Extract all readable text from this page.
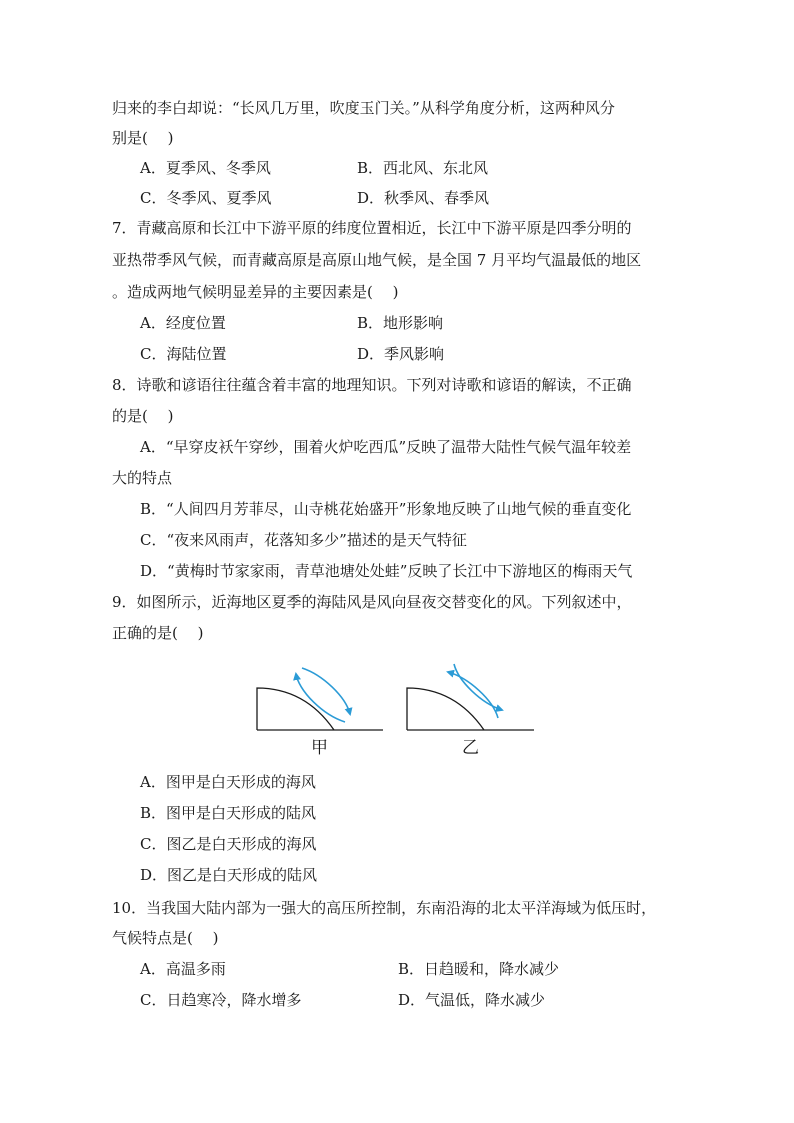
归来的李白却说：“长风几万里，吹度玉门关。”从科学角度分析，这两种风分
别是(　 )
A．夏季风、冬季风	B．西北风、东北风
C．冬季风、夏季风	D．秋季风、春季风
7．青藏高原和长江中下游平原的纬度位置相近，长江中下游平原是四季分明的
亚热带季风气候，而青藏高原是高原山地气候，是全国 7 月平均气温最低的地区
。造成两地气候明显差异的主要因素是(　 )
A．经度位置	B．地形影响
C．海陆位置	D．季风影响
8．诗歌和谚语往往蕴含着丰富的地理知识。下列对诗歌和谚语的解读，不正确
的是(　 )
A．“早穿皮袄午穿纱，围着火炉吃西瓜”反映了温带大陆性气候气温年较差
大的特点
B．“人间四月芳菲尽，山寺桃花始盛开”形象地反映了山地气候的垂直变化
C．“夜来风雨声，花落知多少”描述的是天气特征
D．“黄梅时节家家雨，青草池塘处处蛙”反映了长江中下游地区的梅雨天气
9．如图所示，近海地区夏季的海陆风是风向昼夜交替变化的风。下列叙述中，
正确的是(　 )
甲	乙
A．图甲是白天形成的海风
B．图甲是白天形成的陆风
C．图乙是白天形成的海风
D．图乙是白天形成的陆风
10．当我国大陆内部为一强大的高压所控制，东南沿海的北太平洋海域为低压时，
气候特点是(　 )
A．高温多雨	B．日趋暖和，降水减少
C．日趋寒冷，降水增多	D．气温低，降水减少
